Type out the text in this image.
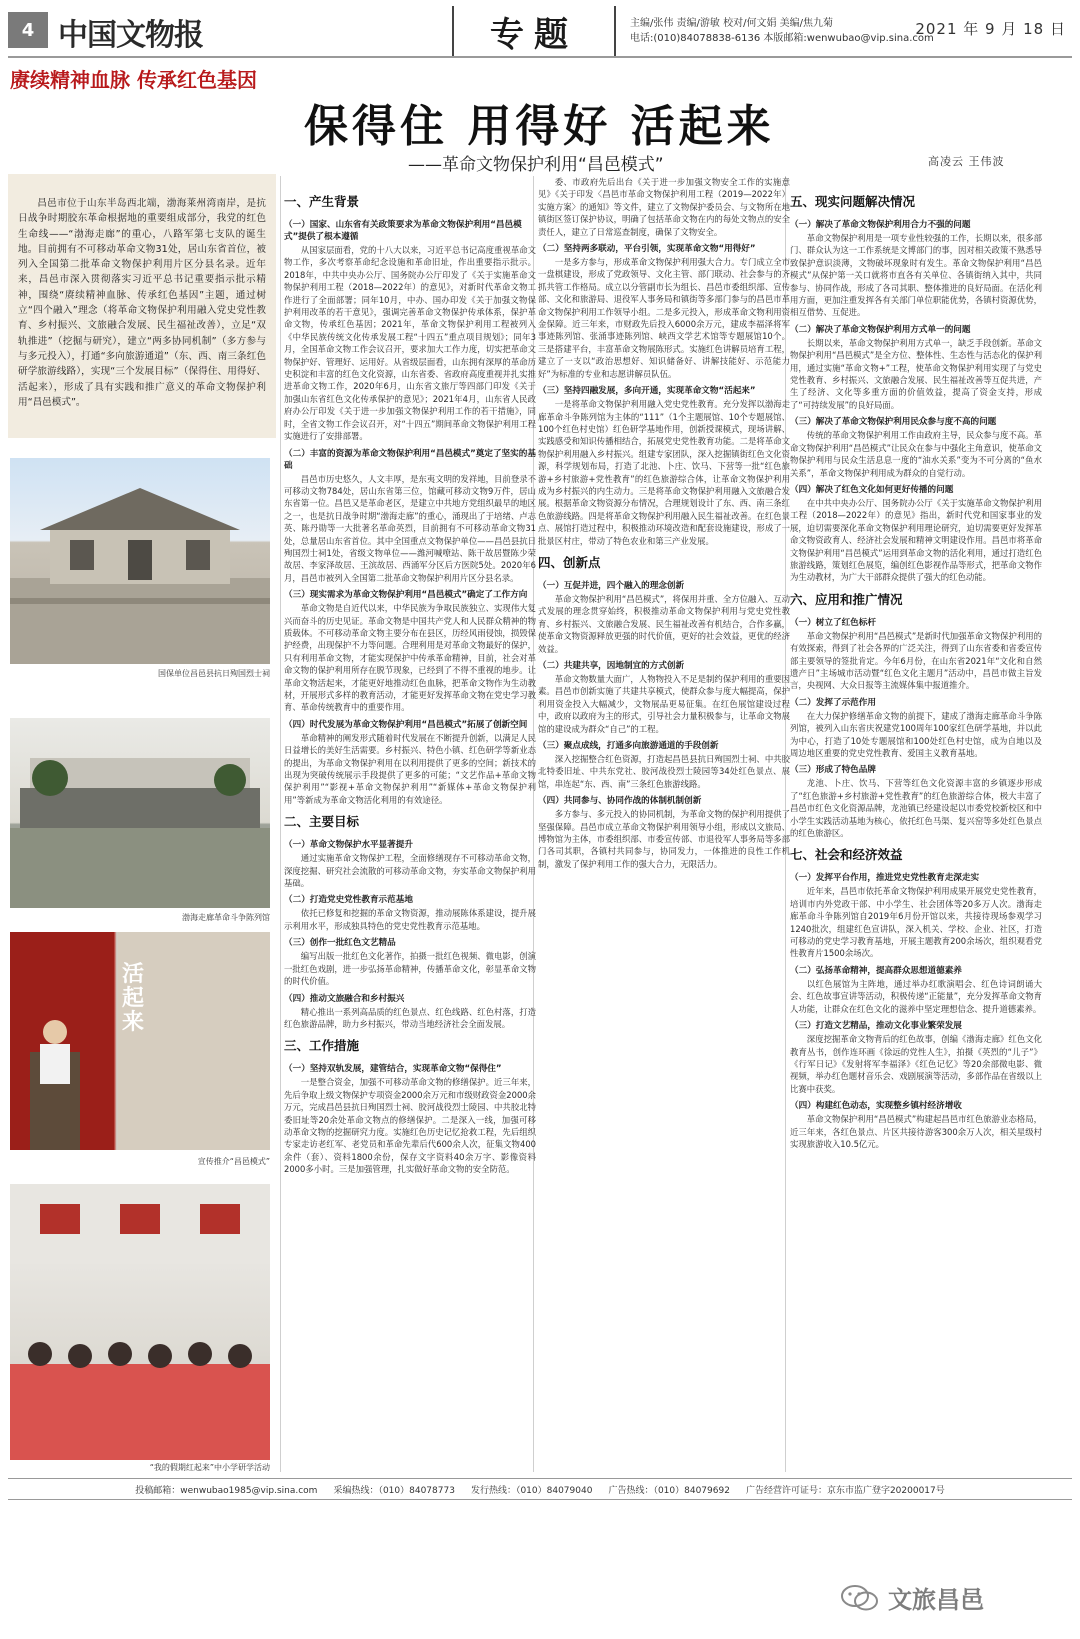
4 中国文物报	专题	主编/张伟 责编/游敏 校对/何文娟 美编/焦九菊
电话:(010)84078838-6136 本版邮箱:wenwubao@vip.sina.com
2021 年 9 月 18 日
赓续精神血脉 传承红色基因
保得住 用得好 活起来
——革命文物保护利用“昌邑模式”	高凌云 王伟波

昌邑市位于山东半岛西北端，渤海莱州湾南岸，是抗日战争时期胶东革命根据地的重要组成部分，我党的红色生命线——“渤海走廊”的重心，八路军第七支队的诞生地。目前拥有不可移动革命文物31处，居山东省首位，被列入全国第二批革命文物保护利用片区分县名录。近年来，昌邑市深入贯彻落实习近平总书记重要指示批示精神，围绕“赓续精神血脉、传承红色基因”主题，通过树立“四个融入”理念（将革命文物保护利用融入党史党性教育、乡村振兴、文旅融合发展、民生福祉改善），立足“双轨推进”（挖掘与研究），建立“两多协同机制”（多方参与与多元投入），打通“多向旅游通道”（东、西、南三条红色研学旅游线路），实现“三个发展目标”（保得住、用得好、活起来），形成了具有实践和推广意义的革命文物保护利用“昌邑模式”。

国保单位昌邑县抗日殉国烈士祠
渤海走廊革命斗争陈列馆
活起来
宣传推介“昌邑模式”
“我的假期红起来”中小学研学活动
一、产生背景
（一）国家、山东省有关政策要求为革命文物保护利用“昌邑模式”提供了根本遵循

从国家层面看，党的十八大以来，习近平总书记高度重视革命文物工作，多次考察革命纪念设施和革命旧址，作出重要指示批示。2018年，中共中央办公厅、国务院办公厅印发了《关于实施革命文物保护利用工程（2018—2022年）的意见》，对新时代革命文物工作进行了全面部署；同年10月，中办、国办印发《关于加强文物保护利用改革的若干意见》，强调完善革命文物保护传承体系，保护革命文物，传承红色基因；2021年，革命文物保护利用工程被列入《中华民族传统文化传承发展工程“十四五”重点项目规划》；同年3月，全国革命文物工作会议召开，要求加大工作力度，切实把革命文物保护好、管理好、运用好。从省级层面看，山东拥有深厚的革命历史积淀和丰富的红色文化资源，山东省委、省政府高度重视并扎实推进革命文物工作，2020年6月，山东省文旅厅等四部门印发《关于加强山东省红色文化传承保护的意见》；2021年4月，山东省人民政府办公厅印发《关于进一步加强文物保护利用工作的若干措施》，同时，全省文物工作会议召开，对“十四五”期间革命文物保护利用工程实施进行了安排部署。

（二）丰富的资源为革命文物保护利用“昌邑模式”奠定了坚实的基础

昌邑市历史悠久，人文丰厚，是东夷文明的发祥地，目前登录不可移动文物784处，居山东省第三位，馆藏可移动文物9万件，居山东省第一位。昌邑又是革命老区，是建立中共地方党组织最早的地区之一，也是抗日战争时期“渤海走廊”的重心，涌现出了于培绪、卢志英、陈丹勋等一大批著名革命英烈，目前拥有不可移动革命文物31处，总量居山东省首位。其中全国重点文物保护单位——昌邑县抗日殉国烈士祠1处，省级文物单位——潍河喊嘹站、陈干故居暨陈少荣故居、李家泽故居、王滨故居、西涌军分区后方医院5处。2020年6月，昌邑市被列入全国第二批革命文物保护利用片区分县名录。

（三）现实需求为革命文物保护利用“昌邑模式”确定了工作方向

革命文物是自近代以来，中华民族为争取民族独立、实现伟大复兴而奋斗的历史见证。革命文物是中国共产党人和人民群众精神的物质载体。不可移动革命文物主要分布在县区，历经风雨侵蚀，损毁保护经费，出现保护不力等问题。合理利用是对革命文物最好的保护，只有利用革命文物，才能实现保护中传承革命精神，目前，社会对革命文物的保护利用所存在脱节现象，已经到了不得不重视的地步。让革命文物活起来，才能更好地推动红色血脉，把革命文物作为生动教材，开展形式多样的教育活动，才能更好发挥革命文物在党史学习教育、革命传统教育中的重要作用。

（四）时代发展为革命文物保护利用“昌邑模式”拓展了创新空间

革命精神的阐发形式随着时代发展在不断提升创新，以满足人民日益增长的美好生活需要。乡村振兴、特色小镇、红色研学等新业态的提出，为革命文物保护利用在以利用提供了更多的空间；新技术的出现为突破传统展示手段提供了更多的可能；“文艺作品+革命文物保护利用”“影视+革命文物保护利用”“新媒体+革命文物保护利用”等新成为革命文物活化利用的有效途径。

二、主要目标
（一）革命文物保护水平显著提升

通过实施革命文物保护工程，全面修缮现存不可移动革命文物，深度挖掘、研究社会流散的可移动革命文物，夯实革命文物保护利用基础。

（二）打造党史党性教育示范基地

依托已修复和挖掘的革命文物资源，推动展陈体系建设，提升展示利用水平，形成独具特色的党史党性教育示范基地。

（三）创作一批红色文艺精品

编写出版一批红色文化著作，拍摄一批红色视频、微电影，创演一批红色戏剧，进一步弘扬革命精神，传播革命文化，彰显革命文物的时代价值。

（四）推动文旅融合和乡村振兴

精心推出一系列高品质的红色景点、红色线路、红色村落，打造红色旅游品牌，助力乡村振兴，带动当地经济社会全面发展。

三、工作措施
（一）坚持双轨发展，建管结合，实现革命文物“保得住”

一是整合资金，加强不可移动革命文物的修缮保护。近三年来，先后争取上级文物保护专项资金2000余万元和市级财政资金2000余万元，完成昌邑县抗日殉国烈士祠、胶河战役烈士陵园、中共胶北特委旧址等20余处革命文物点的修缮保护。二是深入一线，加强可移动革命文物的挖掘研究力度。实施红色历史记忆抢救工程，先后组织专家走访老红军、老党员和革命先辈后代600余人次，征集文物400余件（套）、资料1800余份，保存文字资料40余万字、影像资料2000多小时。三是加强管理，扎实做好革命文物的安全防范。

委、市政府先后出台《关于进一步加强文物安全工作的实施意见》《关于印发〈昌邑市革命文物保护利用工程（2019—2022年）实施方案〉的通知》等文件，建立了文物保护委员会、与文物所在地镇街区签订保护协议，明确了包括革命文物在内的每处文物点的安全责任人，建立了日常巡查制度，确保了文物安全。

（二）坚持两多联动，平台引领，实现革命文物“用得好”

一是多方参与，形成革命文物保护利用强大合力。专门成立全市一盘棋建设，形成了党政领导、文化主管、部门联动、社会参与的齐抓共管工作格局。成立以分管副市长为组长、昌邑市委组织部、宣传部、文化和旅游局、退役军人事务局和镇街等多部门参与的昌邑市革命文物保护利用工作领导小组。二是多元投入，形成革命文物利用资金保障。近三年来，市财政先后投入6000余万元，建成李福泽将军事迹陈列馆、张涌事迹陈列馆、峡西文学艺术馆等专题展馆10个。三是搭建平台，丰富革命文物展陈形式。实施红色讲解员培育工程，建立了一支以“政治思想好、知识储备好、讲解技能好、示范能力好”为标准的专业和志愿讲解员队伍。

（三）坚持四融发展，多向开通，实现革命文物“活起来”

一是将革命文物保护利用融入党史党性教育。充分发挥以渤海走廊革命斗争陈列馆为主体的“111”（1个主题展馆、10个专题展馆、100个红色村史馆）红色研学基地作用，创新授课模式，现场讲解、实践感受和知识传播相结合，拓展党史党性教育功能。二是将革命文物保护利用融入乡村振兴。组建专家团队，深入挖掘镇街红色文化资源，科学规划布局，打造了北池、卜庄、饮马、下营等一批“红色旅游+乡村旅游+党性教育”的红色旅游综合体，让革命文物保护利用成为乡村振兴的内生动力。三是将革命文物保护利用融入文旅融合发展。根据革命文物资源分布情况，合理规划设计了东、西、南三条红色旅游线路。四是将革命文物保护利用融入民生福祉改善。在红色景点、展馆打造过程中，积极推动环境改造和配套设施建设，形成了一批景区村庄，带动了特色农业和第三产业发展。

四、创新点
（一）互促并进，四个融入的理念创新

革命文物保护利用“昌邑模式”，将保用并重、全方位融入、互动式发展的理念贯穿始终，积极推动革命文物保护利用与党史党性教育、乡村振兴、文旅融合发展、民生福祉改善有机结合，合作多赢，使革命文物资源释放更强的时代价值，更好的社会效益，更优的经济效益。

（二）共建共享，因地制宜的方式创新

革命文物数量大面广，人物物投入不足是制约保护利用的重要因素。昌邑市创新实施了共建共享模式，使群众参与度大幅提高，保护利用资金投入大幅减少，文物展品更易征集。在红色展馆建设过程中，政府以政府为主的形式，引导社会力量积极参与，让革命文物展馆的建设成为群众“自己”的工程。

（三）聚点成线，打通多向旅游通道的手段创新

深入挖掘整合红色资源，打造起昌邑县抗日殉国烈士祠、中共胶北特委旧址、中共东党社、胶河战役烈士陵园等34处红色景点、展馆，串连起“东、西、南”三条红色旅游线路。

（四）共同参与、协同作战的体制机制创新

多方参与、多元投入的协同机制，为革命文物的保护利用提供了坚强保障。昌邑市成立革命文物保护利用领导小组，形成以文旅局、博物馆为主体，市委组织部、市委宣传部、市退役军人事务局等多部门各司其职，各镇村共同参与，协同发力，一体推进的良性工作机制，激发了保护利用工作的强大合力，无限活力。

五、现实问题解决情况
（一）解决了革命文物保护利用合力不强的问题

革命文物保护利用是一项专业性较强的工作，长期以来，很多部门、群众认为这一工作系统是文博部门的事，因对相关政策不熟悉导致保护意识淡薄，文物破坏现象时有发生。革命文物保护利用“昌邑模式”从保护第一关口就将市直各有关单位、各镇街纳入其中，共同参与、协同作战，形成了各司其职、整体推进的良好局面。在活化利用方面，更加注重发挥各有关部门单位职能优势，各镇村资源优势，相互借势、互促进。

（二）解决了革命文物保护利用方式单一的问题

长期以来，革命文物保护利用方式单一，缺乏手段创新。革命文物保护利用“昌邑模式”是全方位、整体性、生态性与活态化的保护利用，通过实施“革命文物+”工程，使革命文物保护利用实现了与党史党性教育、乡村振兴、文旅融合发展、民生福祉改善等互促共进，产生了经济、文化等多重方面的价值效益，提高了资金支持，形成了“可持续发展”的良好局面。

（三）解决了革命文物保护利用民众参与度不高的问题

传统的革命文物保护利用工作由政府主导，民众参与度不高。革命文物保护利用“昌邑模式”让民众在参与中强化主角意识，使革命文物保护利用与民众生活息息一度的“油水关系”变为不可分离的“鱼水关系”，革命文物保护利用成为群众的自觉行动。

（四）解决了红色文化如何更好传播的问题

在中共中央办公厅、国务院办公厅《关于实施革命文物保护利用工程（2018—2022年）的意见》指出，新时代党和国家事业的发展，迫切需要深化革命文物保护利用理论研究，迫切需要更好发挥革命文物资政育人、经济社会发展和精神文明建设作用。昌邑市将革命文物保护利用“昌邑模式”运用到革命文物的活化利用，通过打造红色旅游线路，策划红色展览，编创红色影视作品等形式，把革命文物作为生动教材，为广大干部群众提供了强大的红色动能。

六、应用和推广情况
（一）树立了红色标杆

革命文物保护利用“昌邑模式”是新时代加强革命文物保护利用的有效探索，得到了社会各界的广泛关注，得到了山东省委和省委宣传部主要领导的签批肯定。今年6月份，在山东省2021年“文化和自然遗产日”主场城市活动暨“红色文化主题月”活动中，昌邑市做主旨发言，央视网、大众日报等主流媒体集中报道推介。

（二）发挥了示范作用

在大力保护修缮革命文物的前提下，建成了渤海走廊革命斗争陈列馆，被列入山东省庆祝建党100周年100家红色研学基地，并以此为中心，打造了10处专题展馆和100处红色村史馆，成为自地以及周边地区重要的党史党性教育、爱国主义教育基地。

（三）形成了特色品牌

龙池、卜庄、饮马、下营等红色文化资源丰富的乡镇逐步形成了“红色旅游+乡村旅游+党性教育”的红色旅游综合体，极大丰富了昌邑市红色文化资源品牌，龙池镇已经建设起以市委党校新校区和中小学生实践活动基地为核心，依托红色马渠、复兴窑等多处红色景点的红色旅游区。

七、社会和经济效益
（一）发挥平台作用，推进党史党性教育走深走实

近年来，昌邑市依托革命文物保护利用成果开展党史党性教育，培训市内外党政干部、中小学生、社会团体等20多万人次。渤海走廊革命斗争陈列馆自2019年6月份开馆以来，共接待现场参观学习1240批次，组建红色宣讲队，深入机关、学校、企业、社区，打造可移动的党史学习教育基地，开展主题教育200余场次，组织观看党性教育片1500余场次。

（二）弘扬革命精神，提高群众思想道德素养

以红色展馆为主阵地，通过举办红歌演唱会、红色诗词朗诵大会、红色故事宣讲等活动，积极传递“正能量”，充分发挥革命文物育人功能，让群众在红色文化的滋养中坚定理想信念、提升道德素养。

（三）打造文艺精品，推动文化事业繁荣发展

深度挖掘革命文物背后的红色故事，创编《渤海走廊》红色文化教育丛书，创作连环画《徐远的党性人生》，拍摄《英烈的“儿子”》《行军日记》《发射将军李福泽》《红色记忆》等20余部微电影、微视频，举办红色题材音乐会、戏剧展演等活动，多部作品在省级以上比赛中获奖。

（四）构建红色动态，实现整乡镇村经济增收

革命文物保护利用“昌邑模式”构建起昌邑市红色旅游业态格局，近三年来，各红色景点、片区共接待游客300余万人次，相关星级村实现旅游收入10.5亿元。

投稿邮箱：wenwubao1985@vip.sina.com 采编热线：（010）84078773 发行热线：（010）84079040 广告热线：（010）84079692 广告经营许可证号：京东市监广登字20200017号
文旅昌邑
